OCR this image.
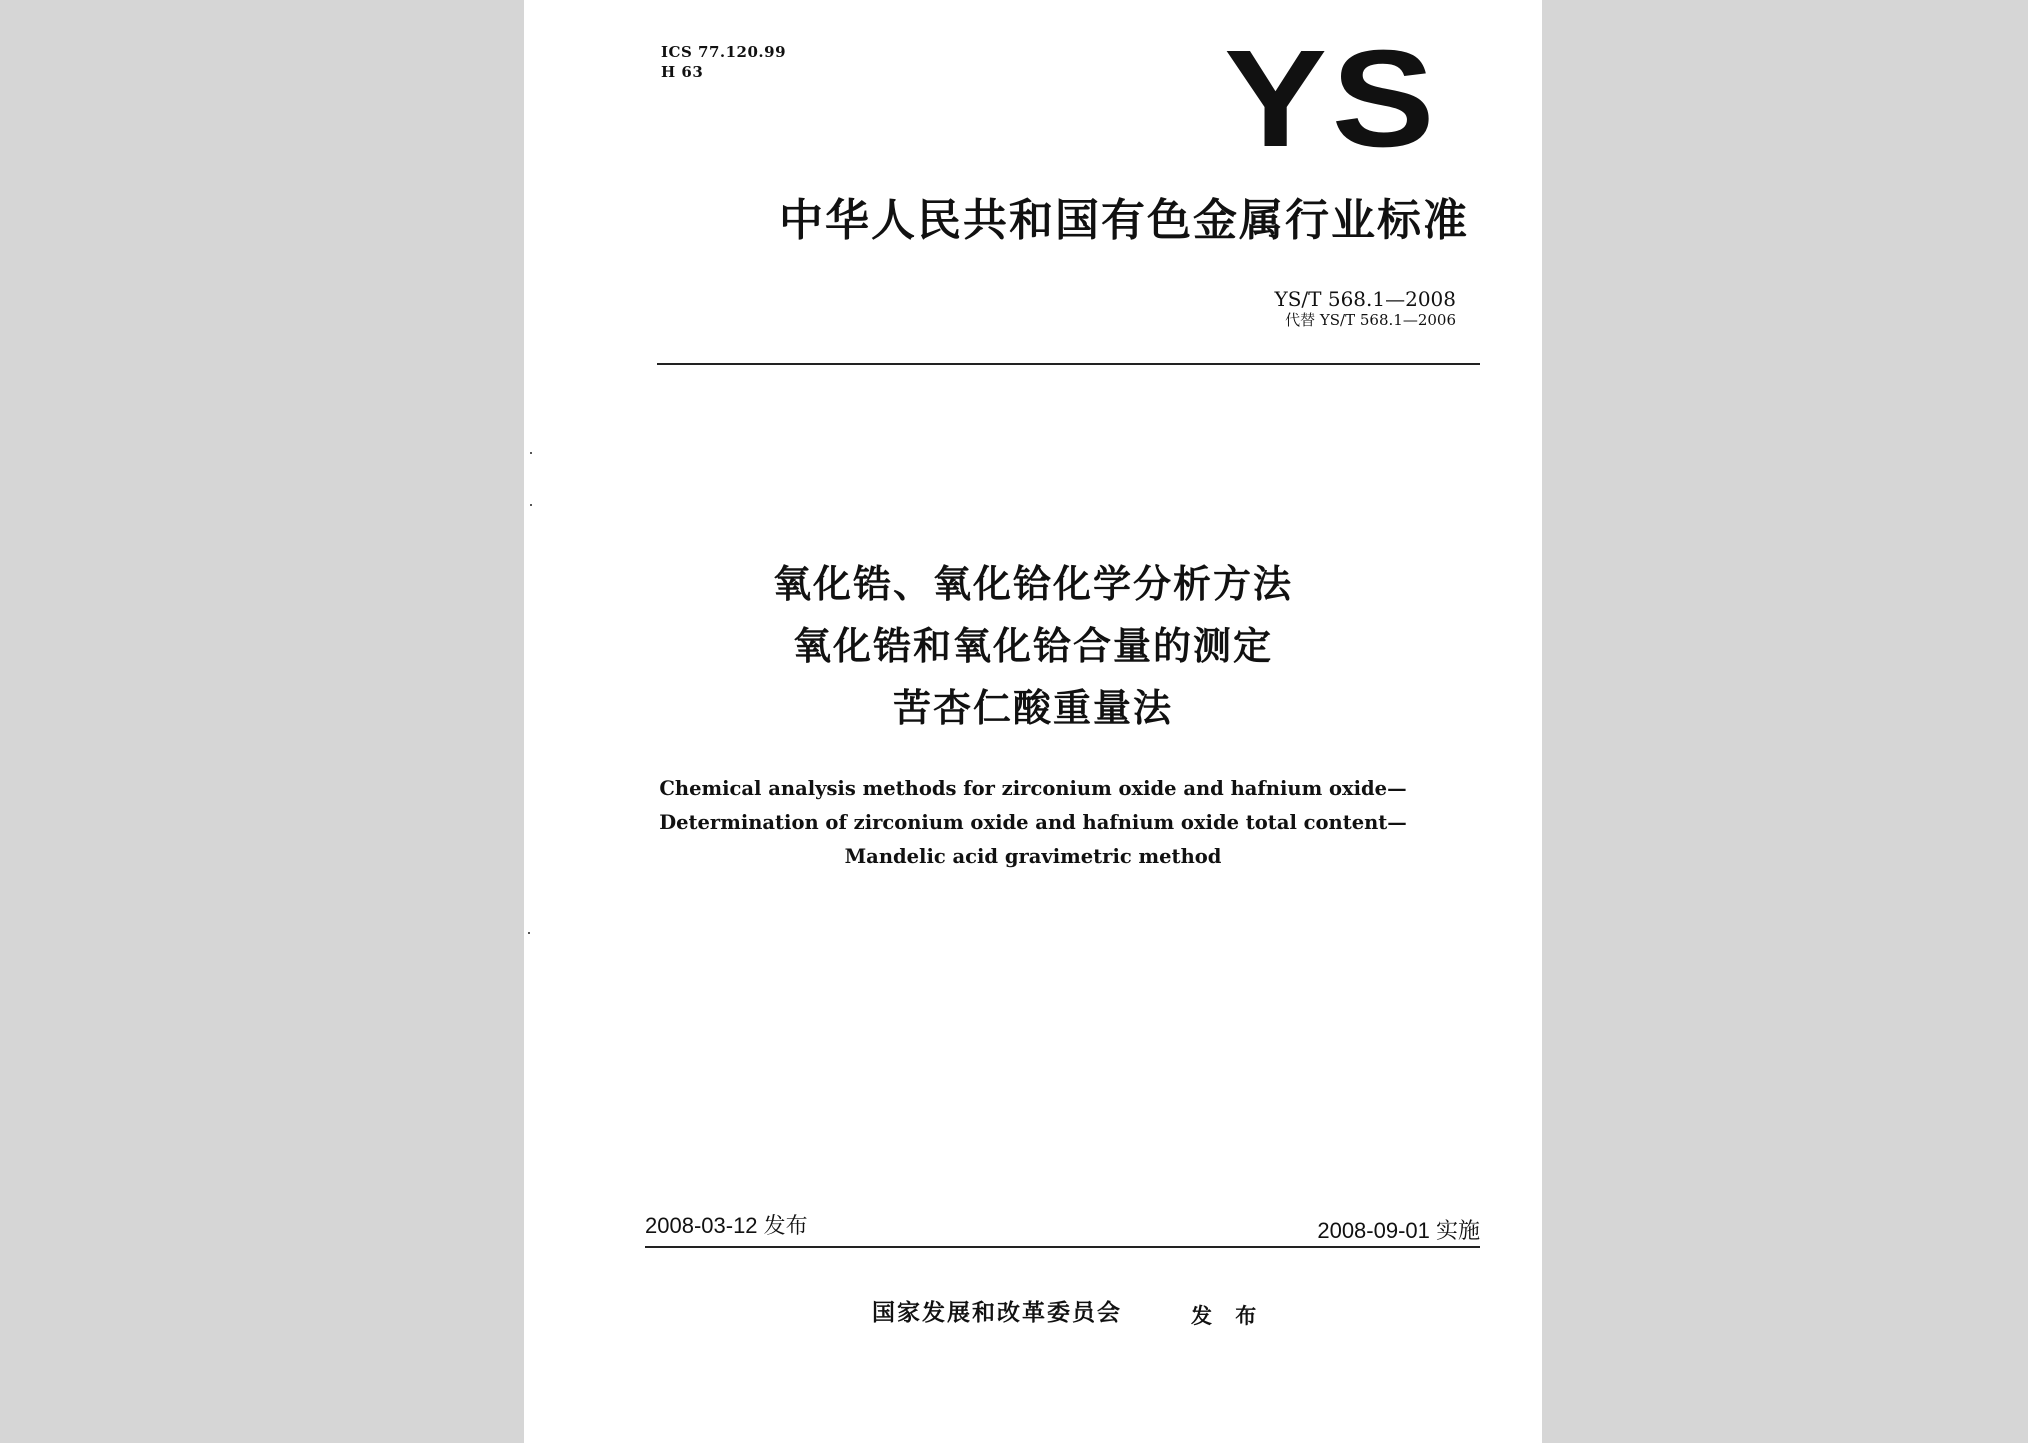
ICS 77.120.99
H 63	YS
中华人民共和国有色金属行业标准
YS/T 568.1—2008
代替 YS/T 568.1—2006
氧化锆、氧化铪化学分析方法
氧化锆和氧化铪合量的测定
苦杏仁酸重量法
Chemical analysis methods for zirconium oxide and hafnium oxide—
Determination of zirconium oxide and hafnium oxide total content—
Mandelic acid gravimetric method
2008-03-12 发布	2008-09-01 实施
国家发展和改革委员会	发 布
